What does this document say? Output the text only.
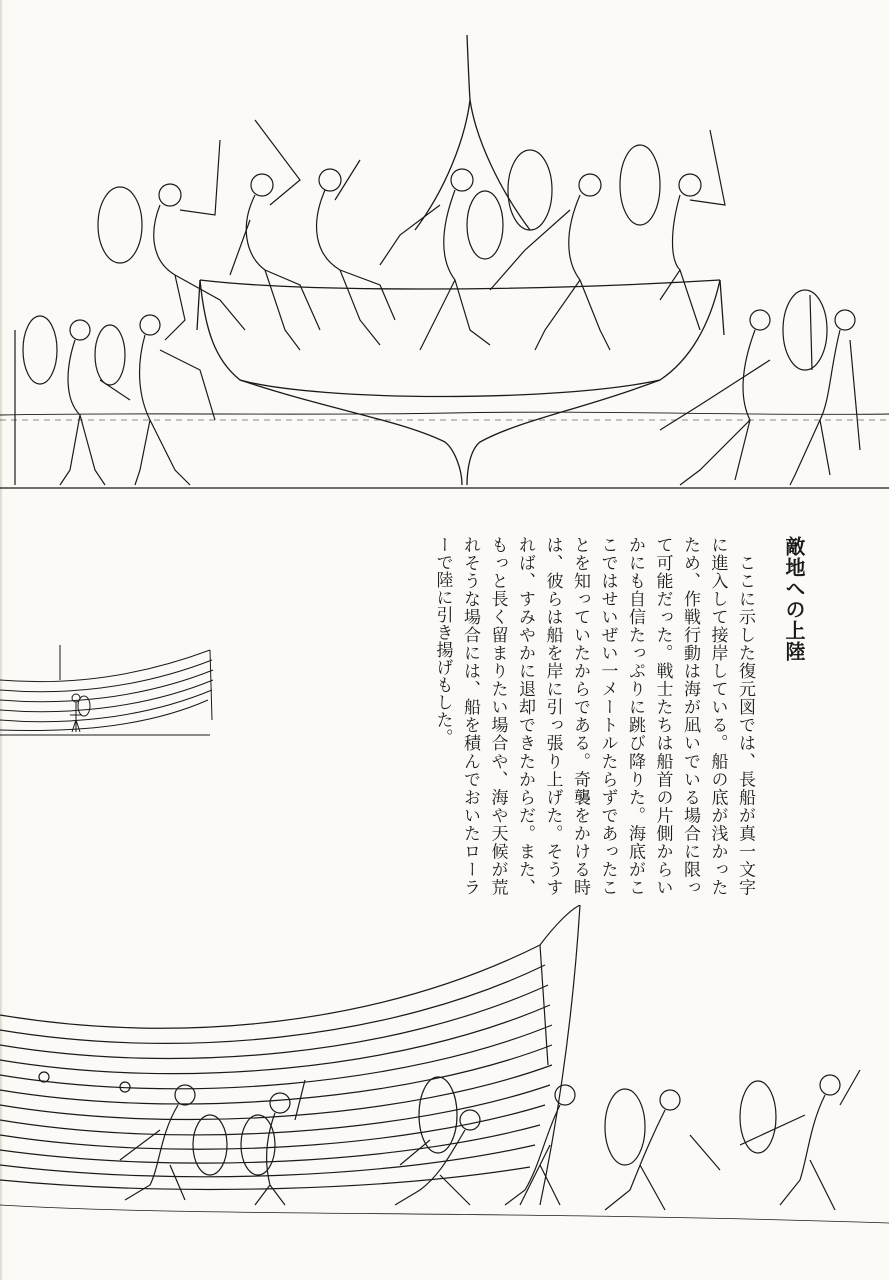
敵地への上陸

　ここに示した復元図では、長船が真一文字に進入して接岸している。船の底が浅かったため、作戦行動は海が凪いでいる場合に限って可能だった。戦士たちは船首の片側からいかにも自信たっぷりに跳び降りた。海底がここではせいぜい一メートルたらずであったことを知っていたからである。奇襲をかける時は、彼らは船を岸に引っ張り上げた。そうすれば、すみやかに退却できたからだ。また、もっと長く留まりたい場合や、海や天候が荒れそうな場合には、船を積んでおいたローラーで陸に引き揚げもした。
